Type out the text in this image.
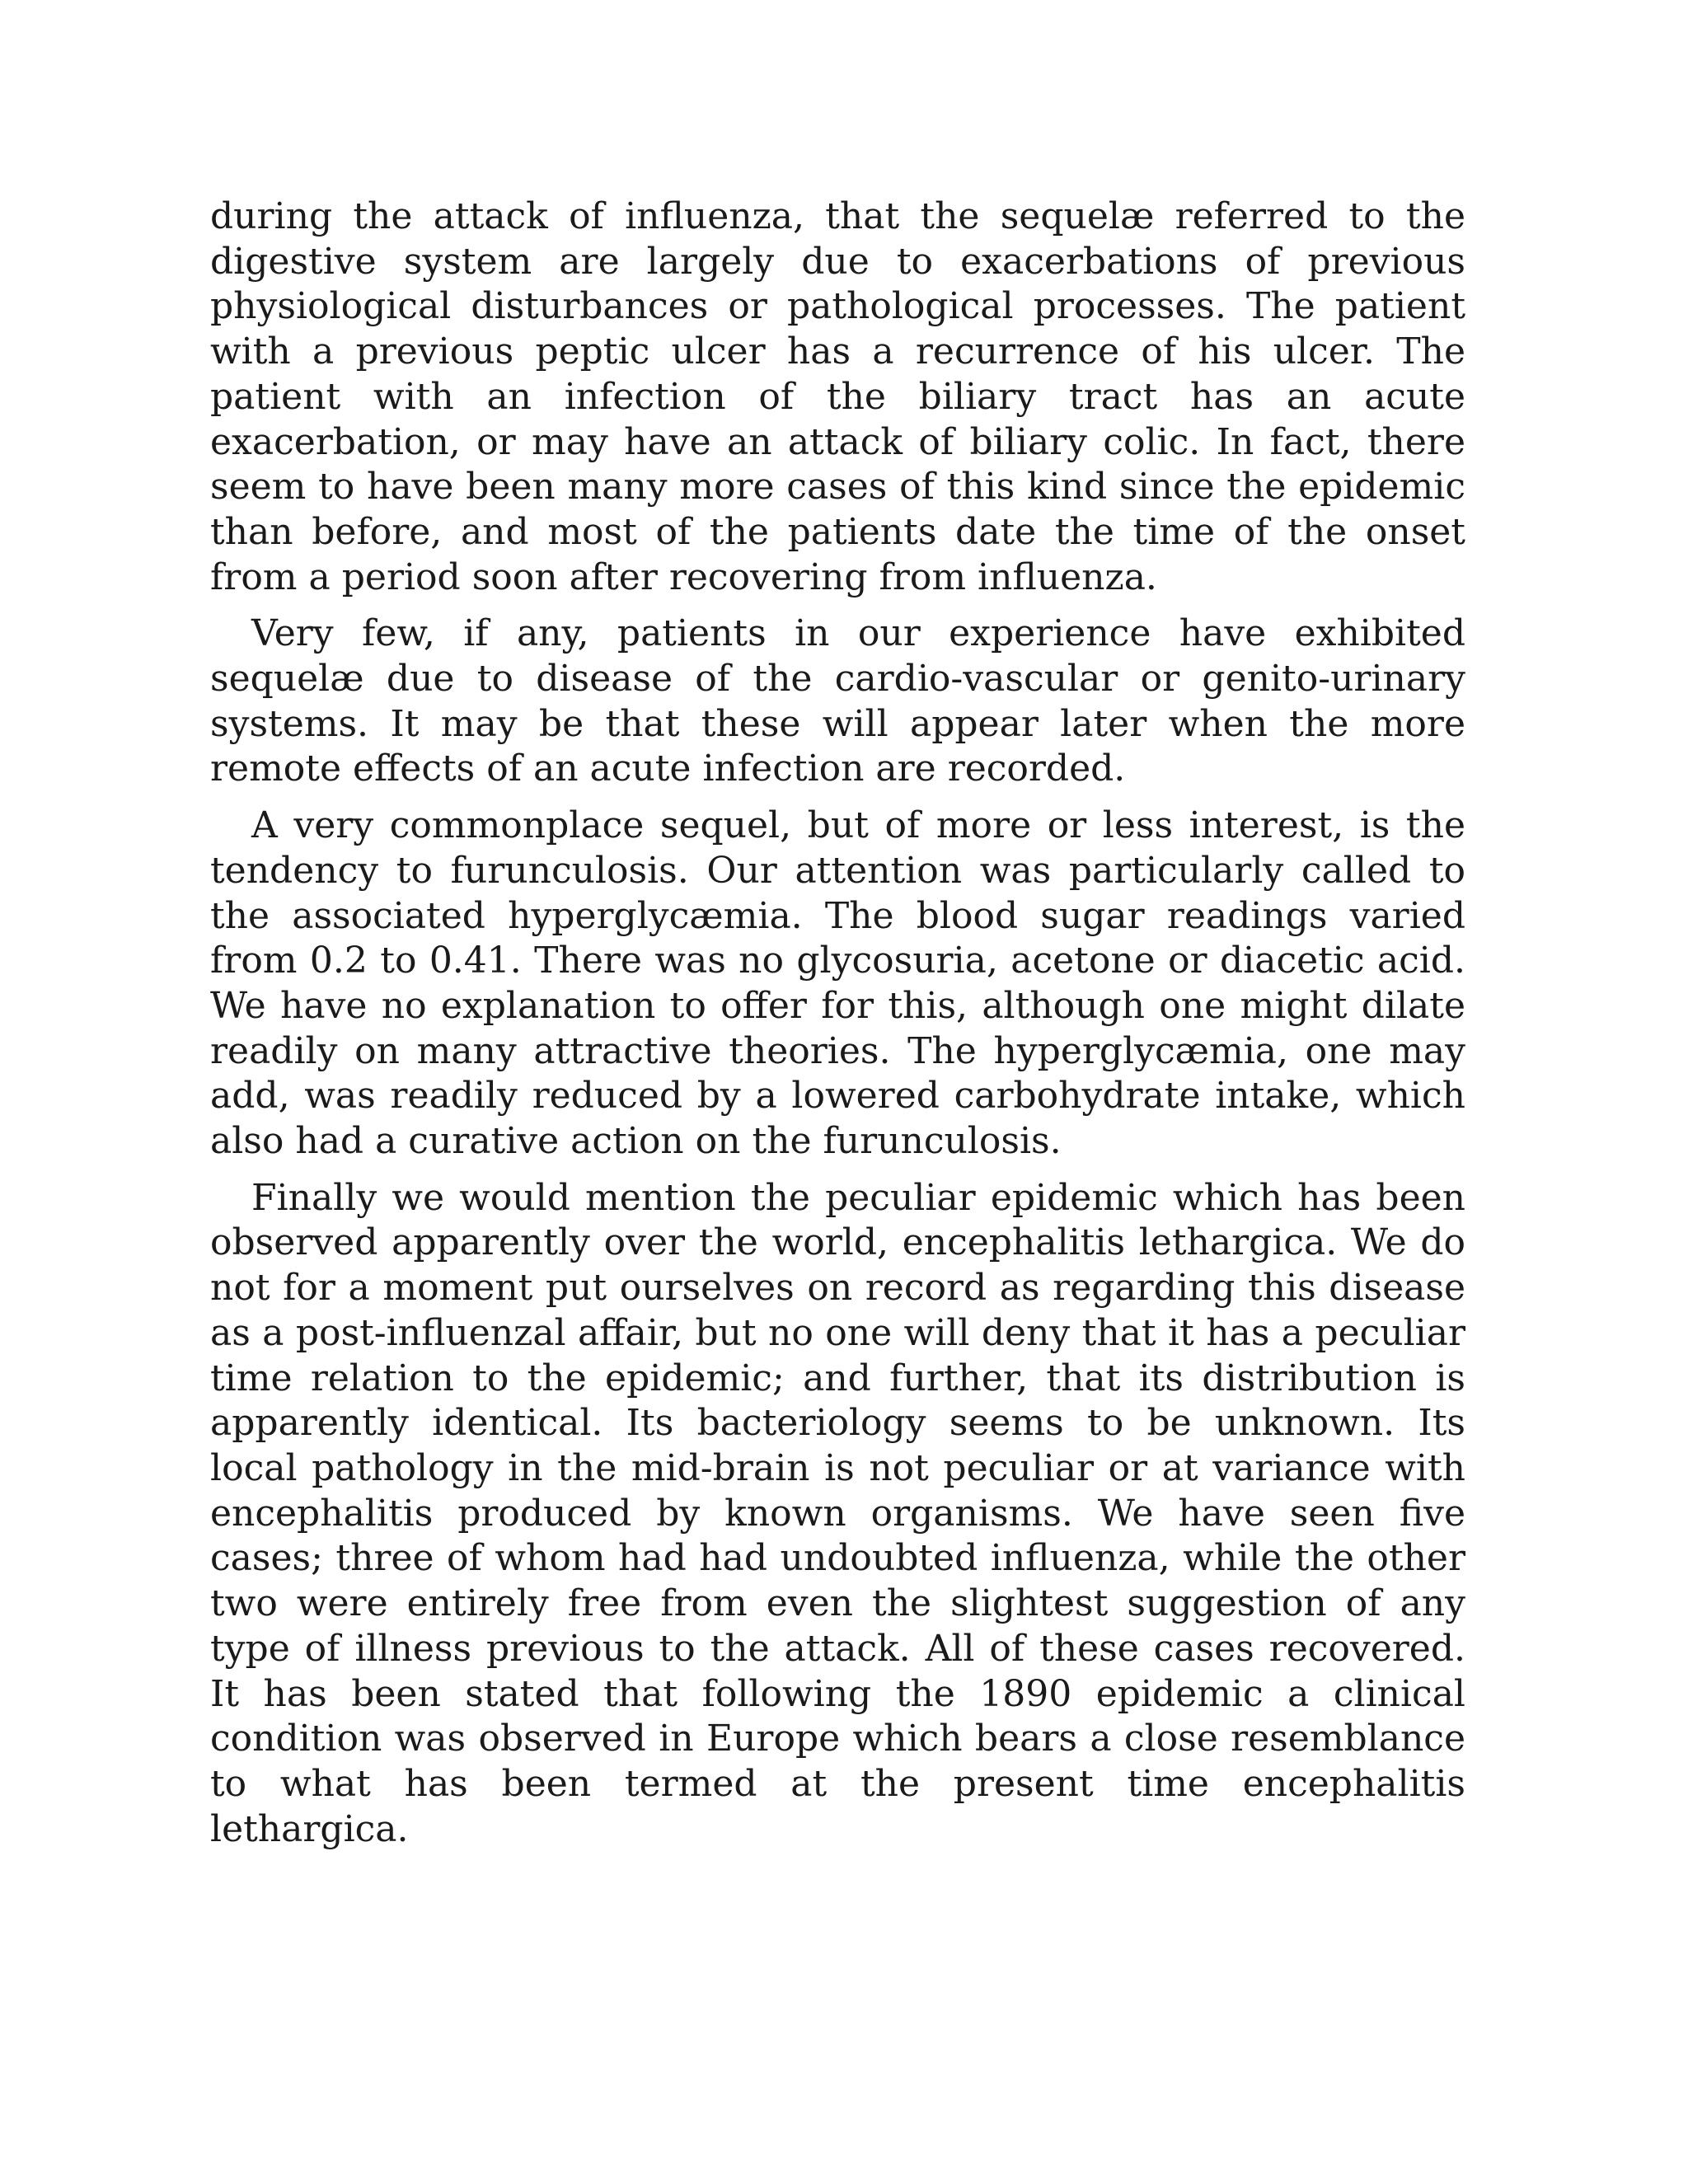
during the attack of influenza, that the sequelæ referred to the digestive system are largely due to exacerbations of previous physiological disturbances or pathological processes. The patient with a previous peptic ulcer has a recurrence of his ulcer. The patient with an infection of the biliary tract has an acute exacerbation, or may have an attack of biliary colic. In fact, there seem to have been many more cases of this kind since the epidemic than before, and most of the patients date the time of the onset from a period soon after recovering from influenza.

Very few, if any, patients in our experience have exhibited sequelæ due to disease of the cardio-vascular or genito-urinary systems. It may be that these will appear later when the more remote effects of an acute infection are recorded.

A very commonplace sequel, but of more or less interest, is the tendency to furunculosis. Our attention was particularly called to the associated hyperglycæmia. The blood sugar readings varied from 0.2 to 0.41. There was no glycosuria, acetone or diacetic acid. We have no explanation to offer for this, although one might dilate readily on many attractive theories. The hyperglycæmia, one may add, was readily reduced by a lowered carbohydrate intake, which also had a curative action on the furunculosis.

Finally we would mention the peculiar epidemic which has been observed apparently over the world, encephalitis lethargica. We do not for a moment put ourselves on record as regarding this disease as a post-influenzal affair, but no one will deny that it has a peculiar time relation to the epidemic; and further, that its distribution is apparently identical. Its bacteriology seems to be unknown. Its local pathology in the mid-brain is not peculiar or at variance with encephalitis produced by known organisms. We have seen five cases; three of whom had had undoubted influenza, while the other two were entirely free from even the slightest suggestion of any type of illness previous to the attack. All of these cases recovered. It has been stated that following the 1890 epidemic a clinical condition was observed in Europe which bears a close resemblance to what has been termed at the present time encephalitis lethargica.
